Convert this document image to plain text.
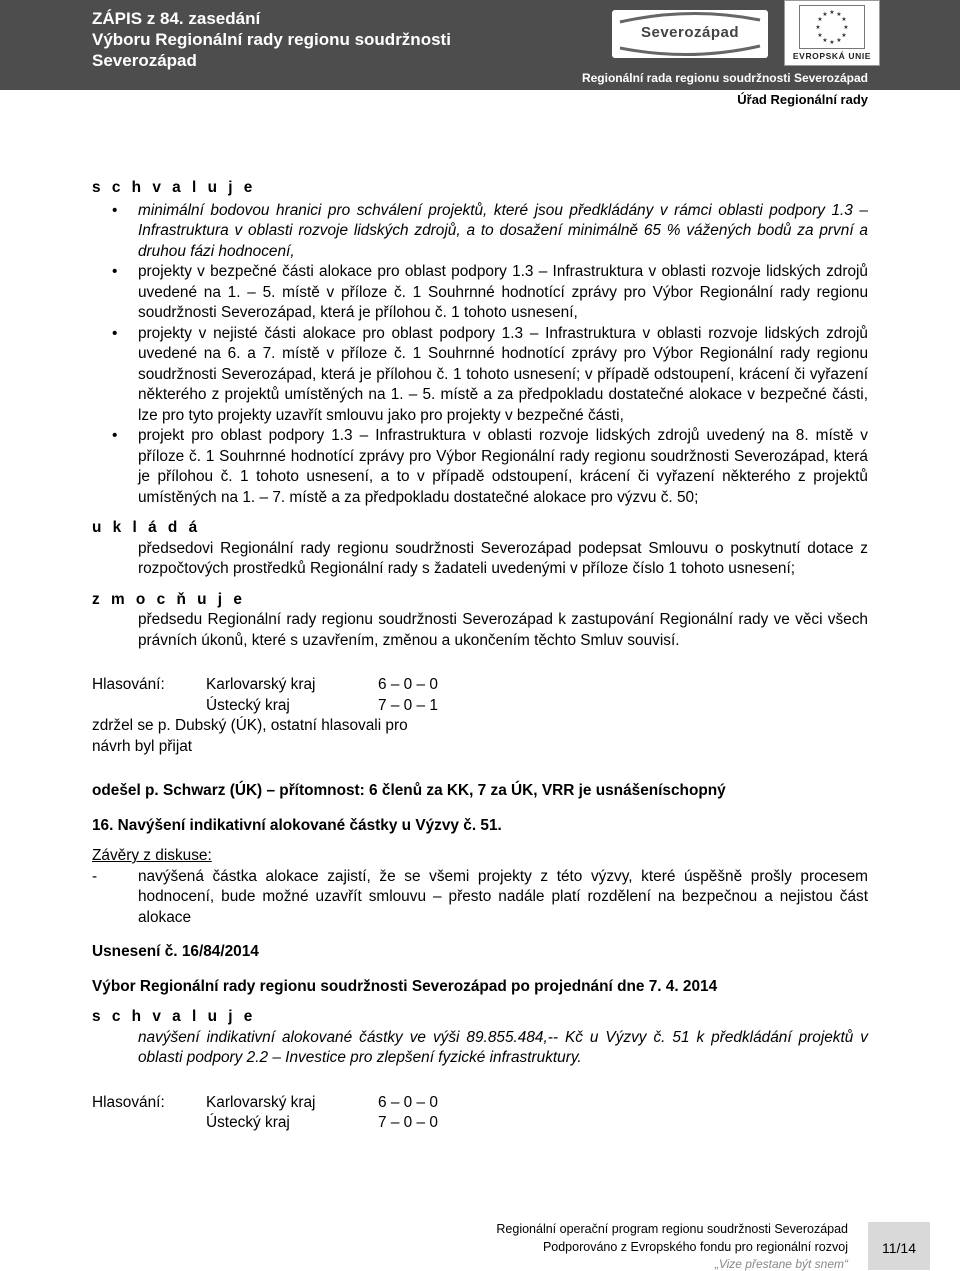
ZÁPIS z 84. zasedání
Výboru Regionální rady regionu soudržnosti
Severozápad
Severozápad
★ ★
★
★
★
★
★
★
★
★
★
★
EVROPSKÁ UNIE
Regionální rada regionu soudržnosti Severozápad
Úřad Regionální rady

s c h v a l u j e

• minimální bodovou hranici pro schválení projektů, které jsou předkládány v rámci oblasti podpory 1.3 – Infrastruktura v oblasti rozvoje lidských zdrojů, a to dosažení minimálně 65 % vážených bodů za první a druhou fázi hodnocení,
• projekty v bezpečné části alokace pro oblast podpory 1.3 – Infrastruktura v oblasti rozvoje lidských zdrojů uvedené na 1. – 5. místě v příloze č. 1 Souhrnné hodnotící zprávy pro Výbor Regionální rady regionu soudržnosti Severozápad, která je přílohou č. 1 tohoto usnesení,
• projekty v nejisté části alokace pro oblast podpory 1.3 – Infrastruktura v oblasti rozvoje lidských zdrojů uvedené na 6. a 7. místě v příloze č. 1 Souhrnné hodnotící zprávy pro Výbor Regionální rady regionu soudržnosti Severozápad, která je přílohou č. 1 tohoto usnesení; v případě odstoupení, krácení či vyřazení některého z projektů umístěných na 1. – 5. místě a za předpokladu dostatečné alokace v bezpečné části, lze pro tyto projekty uzavřít smlouvu jako pro projekty v bezpečné části,
• projekt pro oblast podpory 1.3 – Infrastruktura v oblasti rozvoje lidských zdrojů uvedený na 8. místě v příloze č. 1 Souhrnné hodnotící zprávy pro Výbor Regionální rady regionu soudržnosti Severozápad, která je přílohou č. 1 tohoto usnesení, a to v případě odstoupení, krácení či vyřazení některého z projektů umístěných na 1. – 7. místě a za předpokladu dostatečné alokace pro výzvu č. 50;

u k l á d á

předsedovi Regionální rady regionu soudržnosti Severozápad podepsat Smlouvu o poskytnutí dotace z rozpočtových prostředků Regionální rady s žadateli uvedenými v příloze číslo 1 tohoto usnesení;

z m o c ň u j e

předsedu Regionální rady regionu soudržnosti Severozápad k zastupování Regionální rady ve věci všech právních úkonů, které s uzavřením, změnou a ukončením těchto Smluv souvisí.

Hlasování:	Karlovarský kraj	6 – 0 – 0
Ústecký kraj	7 – 0 – 1

zdržel se p. Dubský (ÚK), ostatní hlasovali pro

návrh byl přijat

odešel p. Schwarz (ÚK) – přítomnost: 6 členů za KK, 7 za ÚK, VRR je usnášeníschopný

16. Navýšení indikativní alokované částky u Výzvy č. 51.

Závěry z diskuse:

-	navýšená částka alokace zajistí, že se všemi projekty z této výzvy, které úspěšně prošly procesem hodnocení, bude možné uzavřít smlouvu – přesto nadále platí rozdělení na bezpečnou a nejistou část alokace

Usnesení č. 16/84/2014

Výbor Regionální rady regionu soudržnosti Severozápad po projednání dne 7. 4. 2014

s c h v a l u j e

navýšení indikativní alokované částky ve výši 89.855.484,-- Kč u Výzvy č. 51 k předkládání projektů v oblasti podpory 2.2 – Investice pro zlepšení fyzické infrastruktury.

Hlasování:	Karlovarský kraj	6 – 0 – 0
Ústecký kraj	7 – 0 – 0
Regionální operační program regionu soudržnosti Severozápad
Podporováno z Evropského fondu pro regionální rozvoj
„Vize přestane být snem“
11/14
